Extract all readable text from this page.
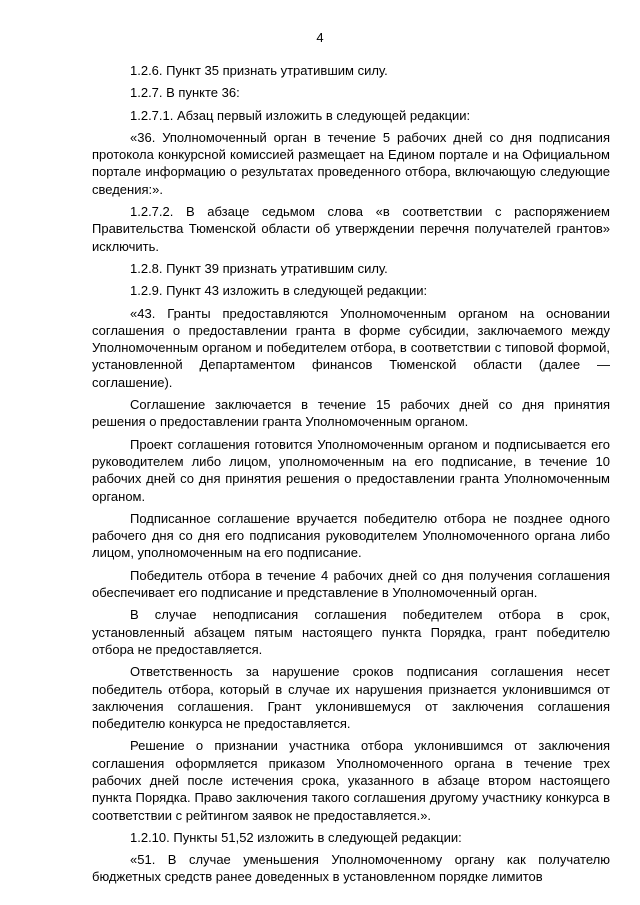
4

1.2.6. Пункт 35 признать утратившим силу.

1.2.7. В пункте 36:

1.2.7.1. Абзац первый изложить в следующей редакции:

«36. Уполномоченный орган в течение 5 рабочих дней со дня подписания протокола конкурсной комиссией размещает на Едином портале и на Официальном портале информацию о результатах проведенного отбора, включающую следующие сведения:».

1.2.7.2. В абзаце седьмом слова «в соответствии с распоряжением Правительства Тюменской области об утверждении перечня получателей грантов» исключить.

1.2.8. Пункт 39 признать утратившим силу.

1.2.9. Пункт 43 изложить в следующей редакции:

«43. Гранты предоставляются Уполномоченным органом на основании соглашения о предоставлении гранта в форме субсидии, заключаемого между Уполномоченным органом и победителем отбора, в соответствии с типовой формой, установленной Департаментом финансов Тюменской области (далее — соглашение).

Соглашение заключается в течение 15 рабочих дней со дня принятия решения о предоставлении гранта Уполномоченным органом.

Проект соглашения готовится Уполномоченным органом и подписывается его руководителем либо лицом, уполномоченным на его подписание, в течение 10 рабочих дней со дня принятия решения о предоставлении гранта Уполномоченным органом.

Подписанное соглашение вручается победителю отбора не позднее одного рабочего дня со дня его подписания руководителем Уполномоченного органа либо лицом, уполномоченным на его подписание.

Победитель отбора в течение 4 рабочих дней со дня получения соглашения обеспечивает его подписание и представление в Уполномоченный орган.

В случае неподписания соглашения победителем отбора в срок, установленный абзацем пятым настоящего пункта Порядка, грант победителю отбора не предоставляется.

Ответственность за нарушение сроков подписания соглашения несет победитель отбора, который в случае их нарушения признается уклонившимся от заключения соглашения. Грант уклонившемуся от заключения соглашения победителю конкурса не предоставляется.

Решение о признании участника отбора уклонившимся от заключения соглашения оформляется приказом Уполномоченного органа в течение трех рабочих дней после истечения срока, указанного в абзаце втором настоящего пункта Порядка. Право заключения такого соглашения другому участнику конкурса в соответствии с рейтингом заявок не предоставляется.».

1.2.10. Пункты 51,52 изложить в следующей редакции:

«51. В случае уменьшения Уполномоченному органу как получателю бюджетных средств ранее доведенных в установленном порядке лимитов
